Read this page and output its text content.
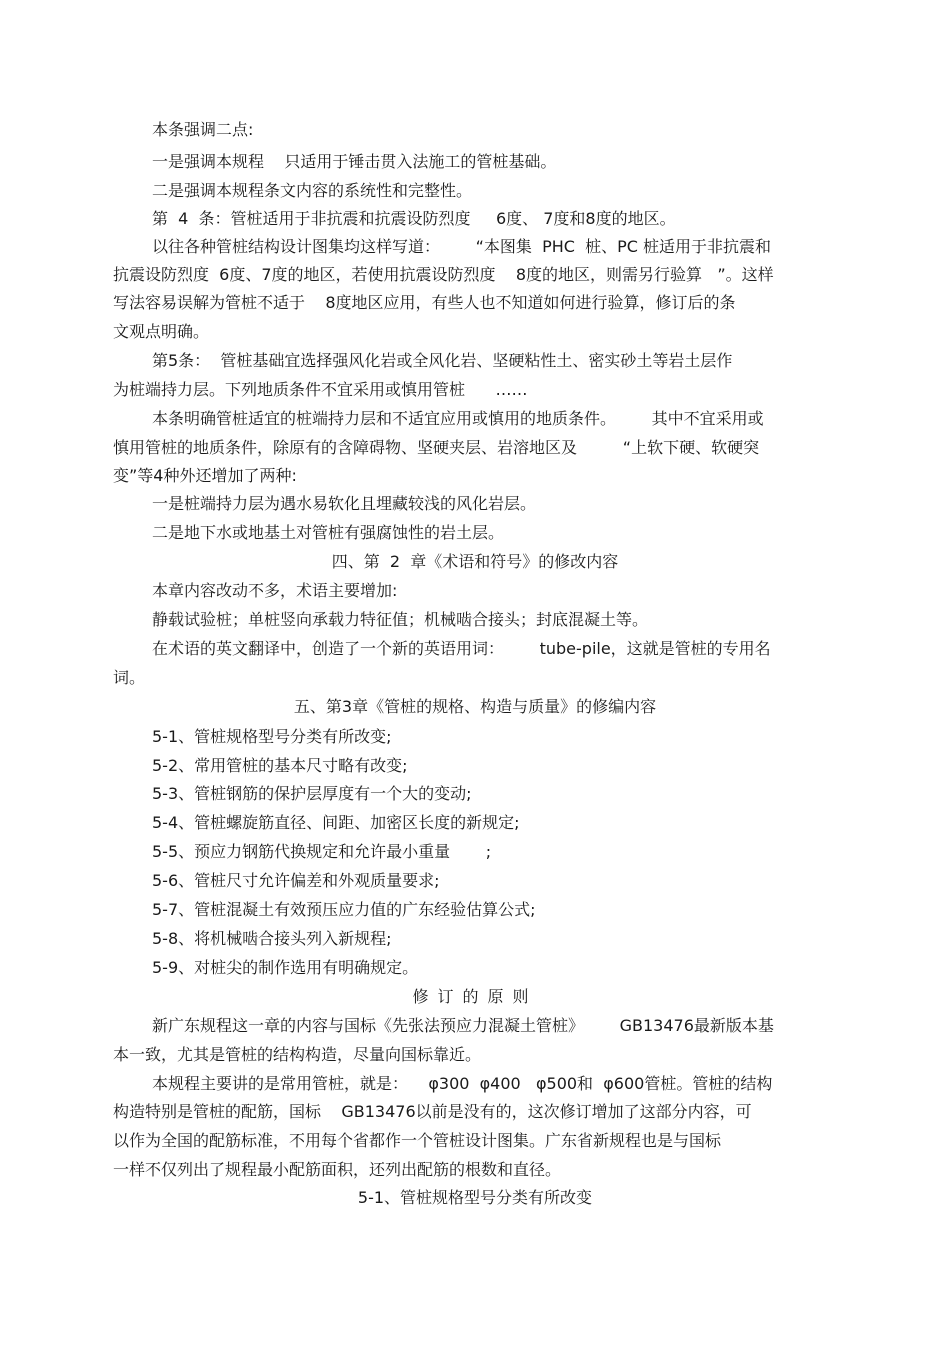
本条强调二点:
一是强调本规程    只适用于锤击贯入法施工的管桩基础。
二是强调本规程条文内容的系统性和完整性。
第  4  条：管桩适用于非抗震和抗震设防烈度     6度、 7度和8度的地区。
以往各种管桩结构设计图集均这样写道：       “本图集  PHC  桩、PC 桩适用于非抗震和
抗震设防烈度  6度、7度的地区，若使用抗震设防烈度    8度的地区，则需另行验算   ”。这样
写法容易误解为管桩不适于    8度地区应用，有些人也不知道如何进行验算，修订后的条
文观点明确。
第5条：  管桩基础宜选择强风化岩或全风化岩、坚硬粘性土、密实砂土等岩土层作
为桩端持力层。下列地质条件不宜采用或慎用管桩      ……
本条明确管桩适宜的桩端持力层和不适宜应用或慎用的地质条件。       其中不宜采用或
慎用管桩的地质条件，除原有的含障碍物、坚硬夹层、岩溶地区及         “上软下硬、软硬突
变”等4种外还增加了两种:
一是桩端持力层为遇水易软化且埋藏较浅的风化岩层。
二是地下水或地基土对管桩有强腐蚀性的岩土层。
四、第  2  章《术语和符号》的修改内容
本章内容改动不多，术语主要增加:
静载试验桩；单桩竖向承载力特征值；机械啮合接头；封底混凝土等。
在术语的英文翻译中，创造了一个新的英语用词：       tube-pile，这就是管桩的专用名
词。
五、第3章《管桩的规格、构造与质量》的修编内容
5-1、管桩规格型号分类有所改变;
5-2、常用管桩的基本尺寸略有改变;
5-3、管桩钢筋的保护层厚度有一个大的变动;
5-4、管桩螺旋筋直径、间距、加密区长度的新规定;
5-5、预应力钢筋代换规定和允许最小重量       ;
5-6、管桩尺寸允许偏差和外观质量要求;
5-7、管桩混凝土有效预压应力值的广东经验估算公式;
5-8、将机械啮合接头列入新规程;
5-9、对桩尖的制作选用有明确规定。
修订的原则
新广东规程这一章的内容与国标《先张法预应力混凝土管桩》       GB13476最新版本基
本一致，尤其是管桩的结构构造，尽量向国标靠近。
本规程主要讲的是常用管桩，就是：    φ300  φ400   φ500和  φ600管桩。管桩的结构
构造特别是管桩的配筋，国标    GB13476以前是没有的，这次修订增加了这部分内容，可
以作为全国的配筋标准，不用每个省都作一个管桩设计图集。广东省新规程也是与国标
一样不仅列出了规程最小配筋面积，还列出配筋的根数和直径。
5-1、管桩规格型号分类有所改变
